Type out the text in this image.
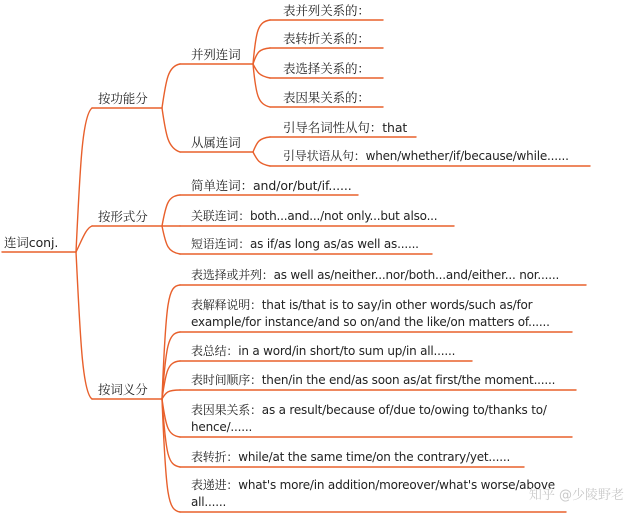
连词conj.
按功能分
并列连词
表并列关系的：
表转折关系的：
表选择关系的：
表因果关系的：
从属连词
引导名词性从句：that
引导状语从句：when/whether/if/because/while......
按形式分
简单连词：and/or/but/if......
关联连词：both...and.../not only...but also...
短语连词：as if/as long as/as well as......
按词义分
表选择或并列：as well as/neither...nor/both...and/either... nor......
表解释说明：that is/that is to say/in other words/such as/for
example/for instance/and so on/and the like/on matters of......
表总结：in a word/in short/to sum up/in all......
表时间顺序：then/in the end/as soon as/at first/the moment......
表因果关系：as a result/because of/due to/owing to/thanks to/
hence/......
表转折：while/at the same time/on the contrary/yet......
表递进：what's more/in addition/moreover/what's worse/above
all......	知乎 @少陵野老
